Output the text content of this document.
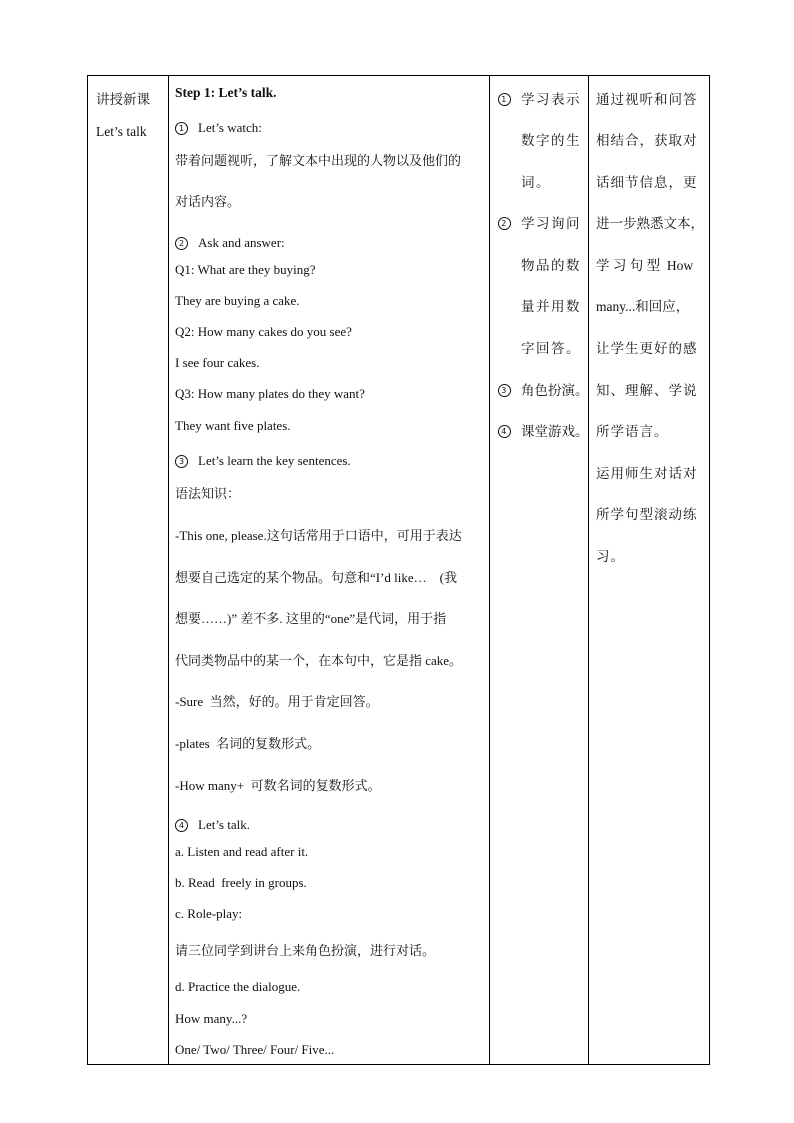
讲授新课
Let’s talk

Step 1: Let’s talk.
1 Let’s watch:
带着问题视听，了解文本中出现的人物以及他们的
对话内容。
2 Ask and answer:
Q1: What are they buying?
They are buying a cake.
Q2: How many cakes do you see?
I see four cakes.
Q3: How many plates do they want?
They want five plates.
3 Let’s learn the key sentences.
语法知识：
-This one, please.这句话常用于口语中，可用于表达
想要自己选定的某个物品。句意和“I’d like…    (我
想要……)” 差不多. 这里的“one”是代词，用于指
代同类物品中的某一个，在本句中，它是指 cake。
-Sure  当然，好的。用于肯定回答。
-plates  名词的复数形式。
-How many+  可数名词的复数形式。
4 Let’s talk.
a. Listen and read after it.
b. Read  freely in groups.
c. Role-play:
请三位同学到讲台上来角色扮演，进行对话。
d. Practice the dialogue.
How many...?
One/ Two/ Three/ Four/ Five...

1 学习表示
数字的生
词。
2 学习询问
物品的数
量并用数
字回答。
3 角色扮演。
4 课堂游戏。

通过视听和问答
相结合，获取对
话细节信息，更
进一步熟悉文本，
学 习 句 型  How
many...和回应，
让学生更好的感
知、理解、学说
所学语言。
运用师生对话对
所学句型滚动练
习。
